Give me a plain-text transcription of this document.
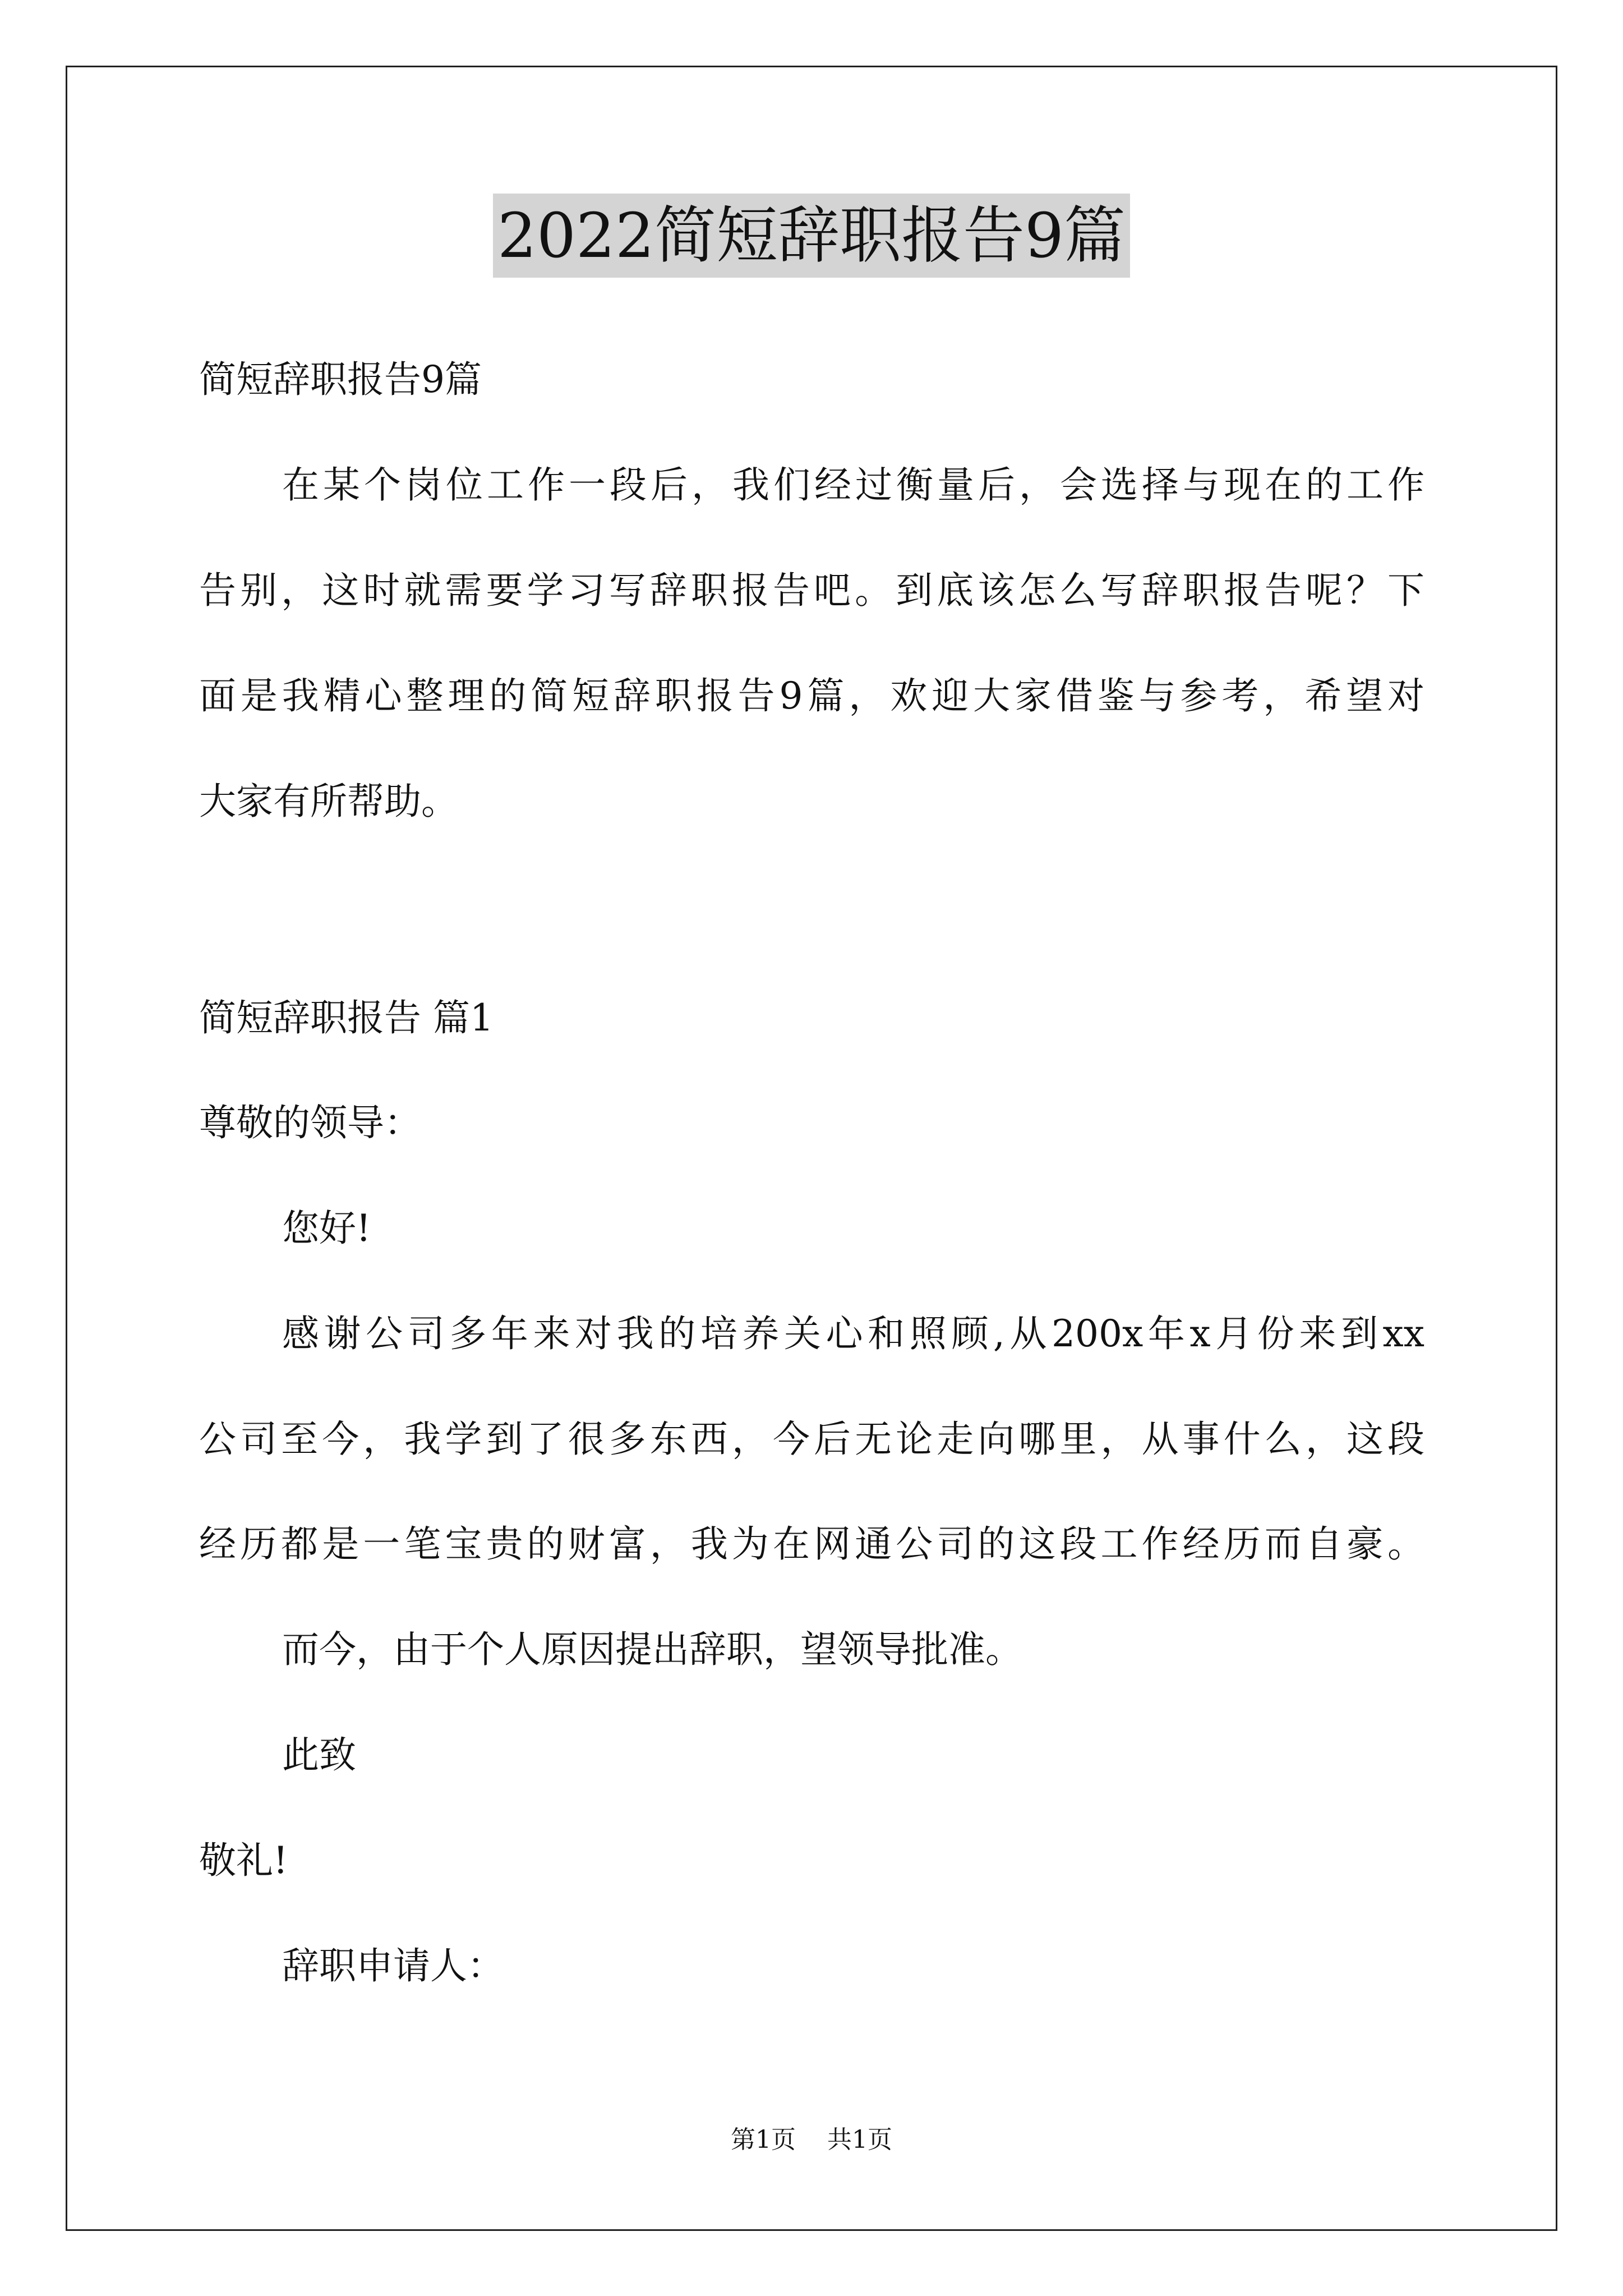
2022简短辞职报告9篇
简短辞职报告9篇
在某个岗位工作一段后，我们经过衡量后，会选择与现在的工作
告别，这时就需要学习写辞职报告吧。到底该怎么写辞职报告呢？下
面是我精心整理的简短辞职报告9篇，欢迎大家借鉴与参考，希望对
大家有所帮助。
简短辞职报告 篇1
尊敬的领导：
您好!
感谢公司多年来对我的培养关心和照顾,从200x年x月份来到xx
公司至今，我学到了很多东西，今后无论走向哪里，从事什么，这段
经历都是一笔宝贵的财富，我为在网通公司的这段工作经历而自豪。
而今，由于个人原因提出辞职，望领导批准。
此致
敬礼!
辞职申请人：
第1页 共1页
